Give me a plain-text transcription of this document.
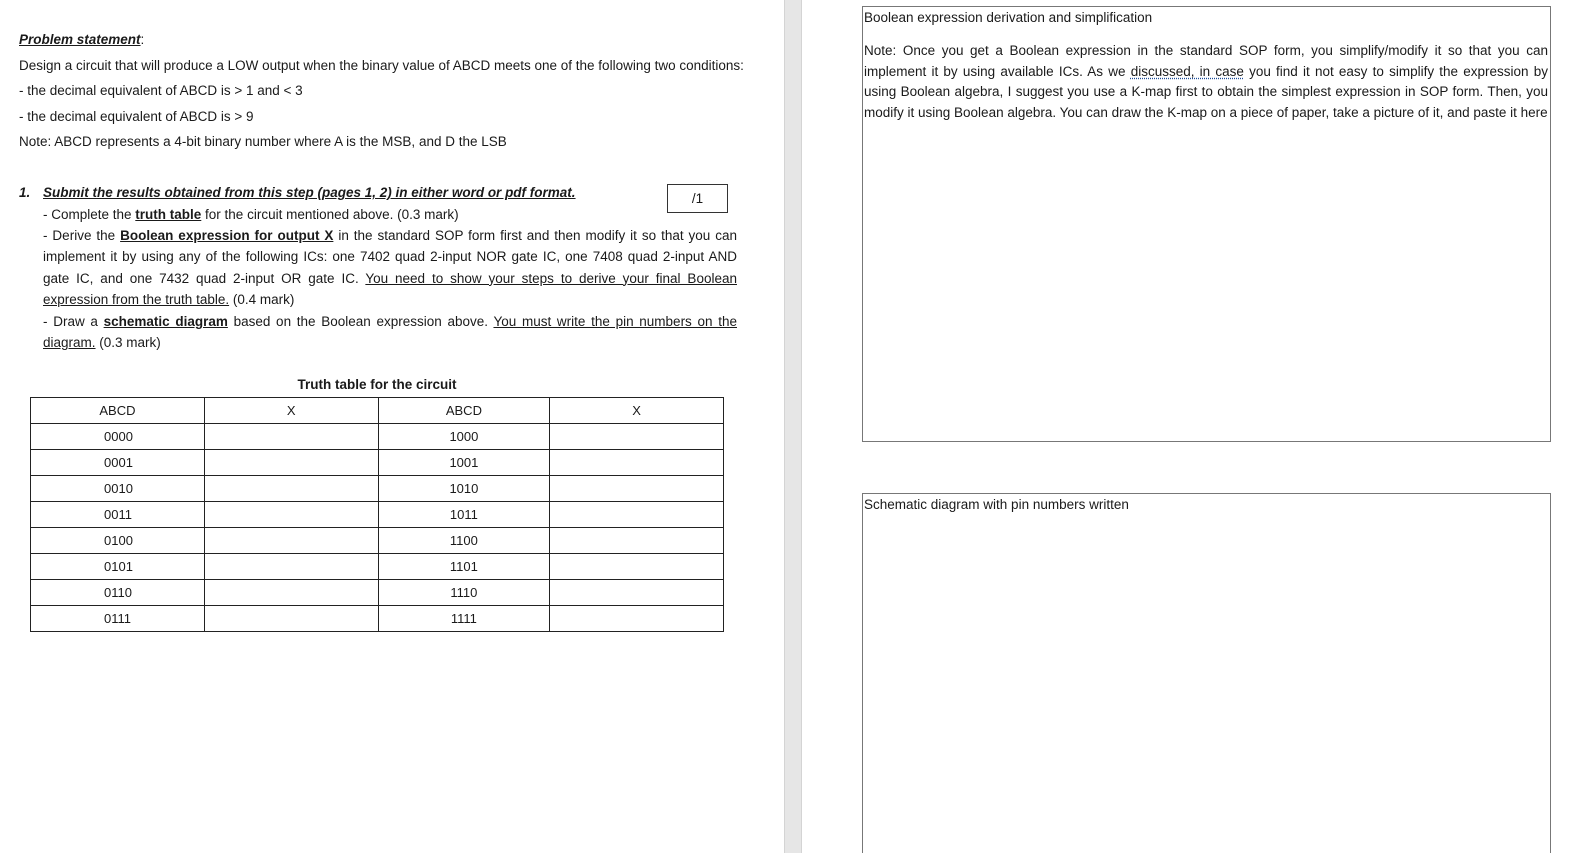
Problem statement:
Design a circuit that will produce a LOW output when the binary value of ABCD meets one of the following two conditions:
- the decimal equivalent of ABCD is > 1 and < 3
- the decimal equivalent of ABCD is > 9
Note: ABCD represents a 4-bit binary number where A is the MSB, and D the LSB
1. Submit the results obtained from this step (pages 1, 2) in either word or pdf format.	/1
- Complete the truth table for the circuit mentioned above. (0.3 mark)
- Derive the Boolean expression for output X in the standard SOP form first and then modify it so that you can implement it by using any of the following ICs: one 7402 quad 2-input NOR gate IC, one 7408 quad 2-input AND gate IC, and one 7432 quad 2-input OR gate IC. You need to show your steps to derive your final Boolean expression from the truth table. (0.4 mark)
- Draw a schematic diagram based on the Boolean expression above. You must write the pin numbers on the diagram. (0.3 mark)
Truth table for the circuit
ABCD	X	ABCD	X
0000		1000	
0001		1001	
0010		1010	
0011		1011	
0100		1100	
0101		1101	
0110		1110	
0111		1111	
Boolean expression derivation and simplification
Note: Once you get a Boolean expression in the standard SOP form, you simplify/modify it so that you can implement it by using available ICs. As we discussed, in case you find it not easy to simplify the expression by using Boolean algebra, I suggest you use a K-map first to obtain the simplest expression in SOP form. Then, you modify it using Boolean algebra. You can draw the K-map on a piece of paper, take a picture of it, and paste it here
Schematic diagram with pin numbers written
